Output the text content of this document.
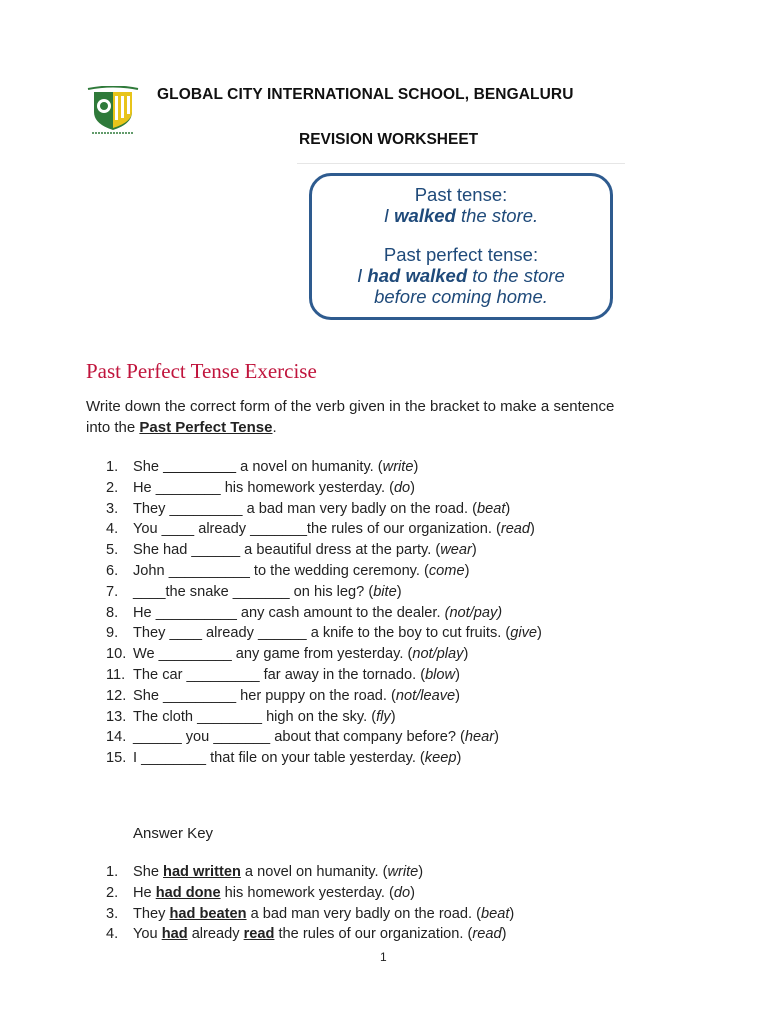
GLOBAL CITY INTERNATIONAL SCHOOL, BENGALURU
REVISION WORKSHEET
Past tense:
I walked the store.
Past perfect tense:
I had walked to the store
before coming home.
Past Perfect Tense Exercise
Write down the correct form of the verb given in the bracket to make a sentence
into the Past Perfect Tense.
1. She _________ a novel on humanity. (write)
2. He ________ his homework yesterday. (do)
3. They _________ a bad man very badly on the road. (beat)
4. You ____ already _______the rules of our organization. (read)
5. She had ______ a beautiful dress at the party. (wear)
6. John __________ to the wedding ceremony. (come)
7. ____the snake _______ on his leg? (bite)
8. He __________ any cash amount to the dealer. (not/pay)
9. They ____ already ______ a knife to the boy to cut fruits. (give)
10. We _________ any game from yesterday. (not/play)
11. The car _________ far away in the tornado. (blow)
12. She _________ her puppy on the road. (not/leave)
13. The cloth ________ high on the sky. (fly)
14. ______ you _______ about that company before? (hear)
15. I ________ that file on your table yesterday. (keep)
Answer Key
1. She had written a novel on humanity. (write)
2. He had done his homework yesterday. (do)
3. They had beaten a bad man very badly on the road. (beat)
4. You had already read the rules of our organization. (read)
1
